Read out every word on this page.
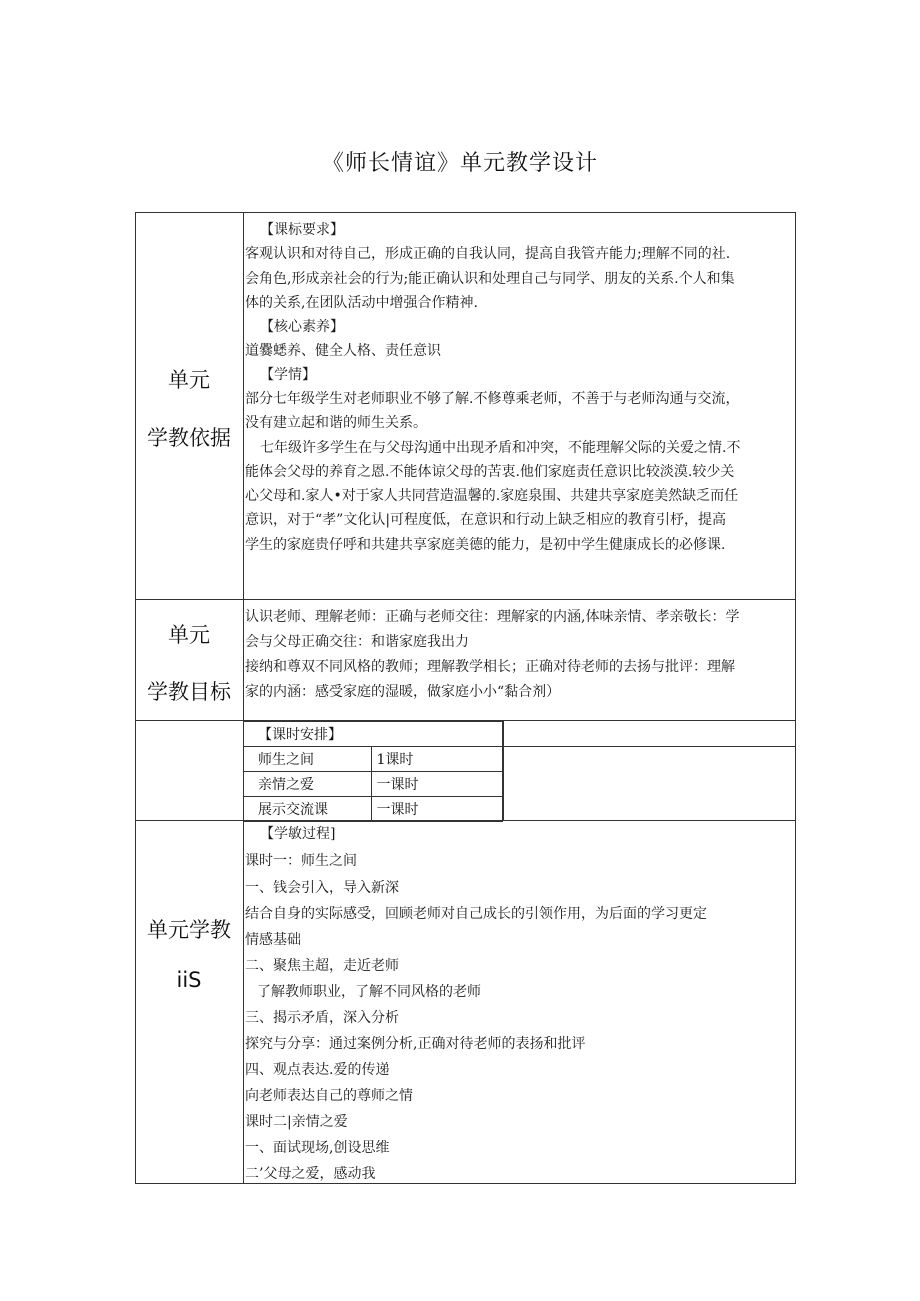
《师长情谊》单元教学设计
单元
学教依据
【课标要求】
客观认识和对待自己，形成正确的自我认同，提高自我管卉能力;理解不同的社.
会角色,形成亲社会的行为;能正确认识和处理自己与同学、朋友的关系.个人和集
体的关系,在团队活动中增强合作精神.
【核心素养】
道爨蟋养、健全人格、责任意识
【学情】
部分七年级学生对老师职业不够了解.不修尊乘老师，不善于与老师沟通与交流，
没有建立起和谐的师生关系。
七年级许多学生在与父母沟通中出现矛盾和冲突，不能理解父际的关爱之情.不
能体会父母的养育之恩.不能体谅父母的苦衷.他们家庭责任意识比较淡漠.较少关
心父母和.家人•对于家人共同营造温馨的.家庭泉围、共建共享家庭美然缺乏而任
意识，对于“孝”文化认|可程度低，在意识和行动上缺乏相应的教育引杼，提高
学生的家庭贵仔呼和共建共享家庭美德的能力，是初中学生健康成长的必修课.
单元
学教目标
认识老师、理解老师：正确与老师交往：理解家的内涵,体味亲情、孝亲敬长：学
会与父母正确交往：和谐家庭我出力
接纳和尊双不同风格的教师；理解教学相长；正确对待老师的去扬与批评：理解
家的内涵：感受家庭的湿暖，做家庭小小“黏合剂）
单元学教
iiS
【课时安排】	
师生之间	1课时
亲情之爱	一课时
展示交流课	一课时
【学敏过程]
课时一：师生之间
一、钱会引入，导入新深
结合自身的实际感受，回顾老师对自己成长的引领作用，为后面的学习更定
情感基础
二、聚焦主超，走近老师
了解教师职业，了解不同风格的老师
三、揭示矛盾，深入分析
探究与分享：通过案例分析,正确对待老师的表扬和批评
四、观点表达.爱的传递
向老师表达自己的尊师之情
课时二|亲情之爱
一、面试现场,创设思维
二’父母之爱，感动我
